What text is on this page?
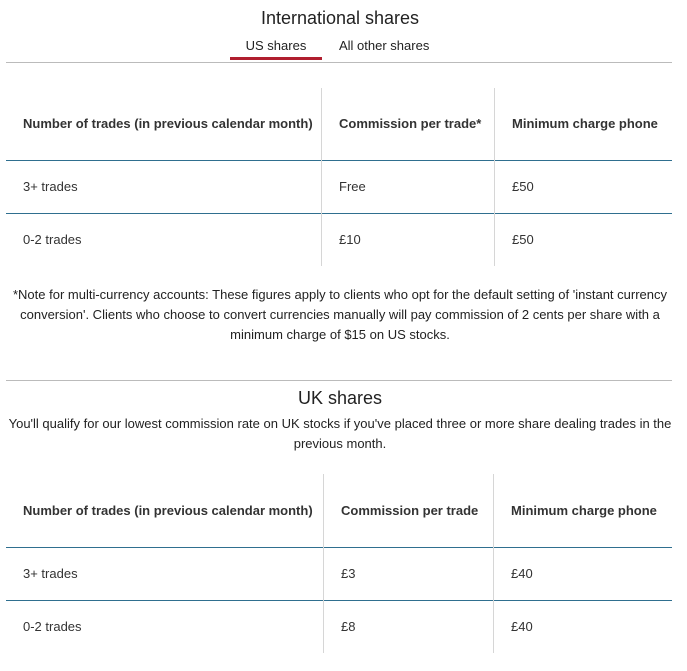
International shares
US shares	All other shares
Number of trades (in previous calendar month)	Commission per trade*	Minimum charge phone
3+ trades	Free	£50
0-2 trades	£10	£50
*Note for multi-currency accounts: These figures apply to clients who opt for the default setting of 'instant currency conversion'. Clients who choose to convert currencies manually will pay commission of 2 cents per share with a minimum charge of $15 on US stocks.
UK shares
You'll qualify for our lowest commission rate on UK stocks if you've placed three or more share dealing trades in the previous month.
Number of trades (in previous calendar month)	Commission per trade	Minimum charge phone
3+ trades	£3	£40
0-2 trades	£8	£40
